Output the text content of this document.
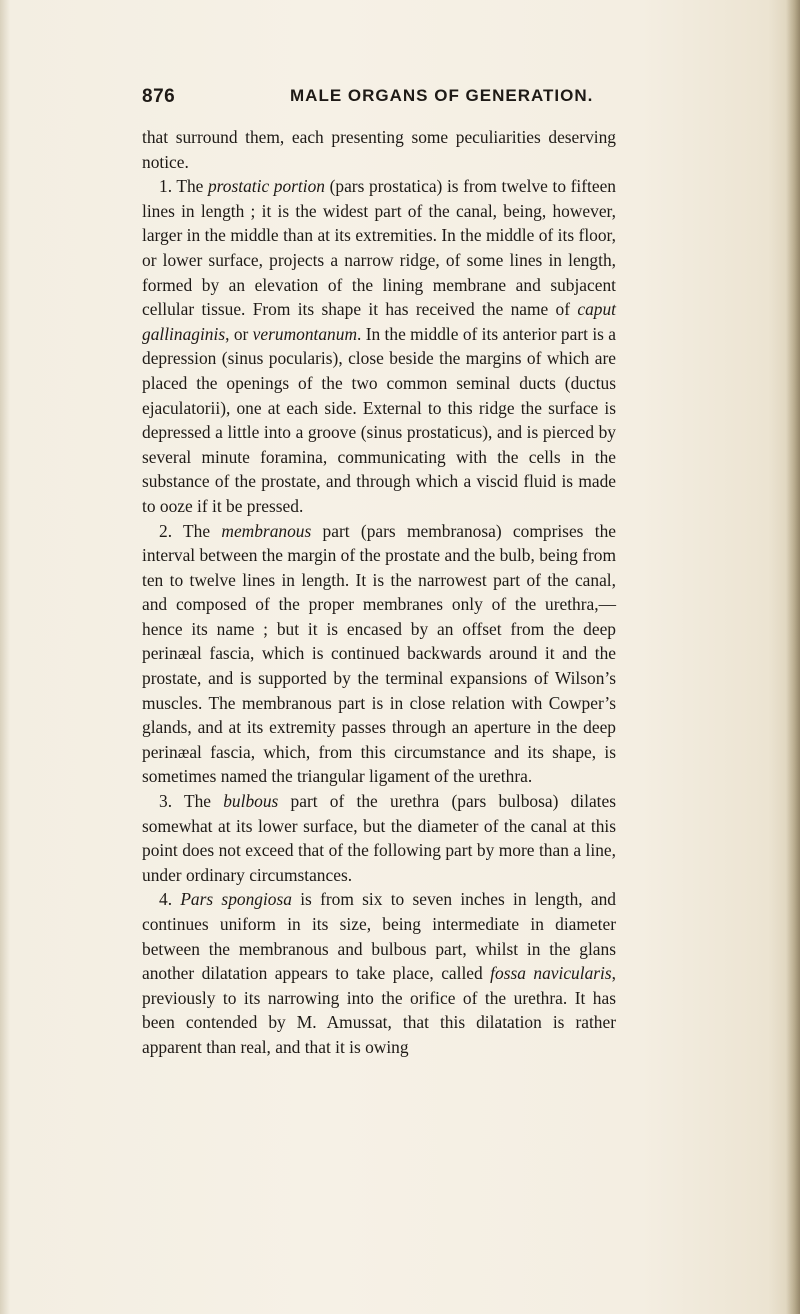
876	MALE ORGANS OF GENERATION.

that surround them, each presenting some peculiarities deserving notice.

1. The prostatic portion (pars prostatica) is from twelve to fifteen lines in length ; it is the widest part of the canal, being, however, larger in the middle than at its extremities. In the middle of its floor, or lower surface, projects a narrow ridge, of some lines in length, formed by an elevation of the lining membrane and subjacent cellular tissue. From its shape it has received the name of caput gallinaginis, or verumontanum. In the middle of its anterior part is a depression (sinus pocularis), close beside the margins of which are placed the openings of the two common seminal ducts (ductus ejaculatorii), one at each side. External to this ridge the surface is depressed a little into a groove (sinus prostaticus), and is pierced by several minute foramina, communicating with the cells in the substance of the prostate, and through which a viscid fluid is made to ooze if it be pressed.

2. The membranous part (pars membranosa) comprises the interval between the margin of the prostate and the bulb, being from ten to twelve lines in length. It is the narrowest part of the canal, and composed of the proper membranes only of the urethra,—hence its name ; but it is encased by an offset from the deep perinæal fascia, which is continued backwards around it and the prostate, and is supported by the terminal expansions of Wilson’s muscles. The membranous part is in close relation with Cowper’s glands, and at its extremity passes through an aperture in the deep perinæal fascia, which, from this circumstance and its shape, is sometimes named the triangular ligament of the urethra.

3. The bulbous part of the urethra (pars bulbosa) dilates somewhat at its lower surface, but the diameter of the canal at this point does not exceed that of the following part by more than a line, under ordinary circumstances.

4. Pars spongiosa is from six to seven inches in length, and continues uniform in its size, being intermediate in diameter between the membranous and bulbous part, whilst in the glans another dilatation appears to take place, called fossa navicularis, previously to its narrowing into the orifice of the urethra. It has been contended by M. Amussat, that this dilatation is rather apparent than real, and that it is owing
